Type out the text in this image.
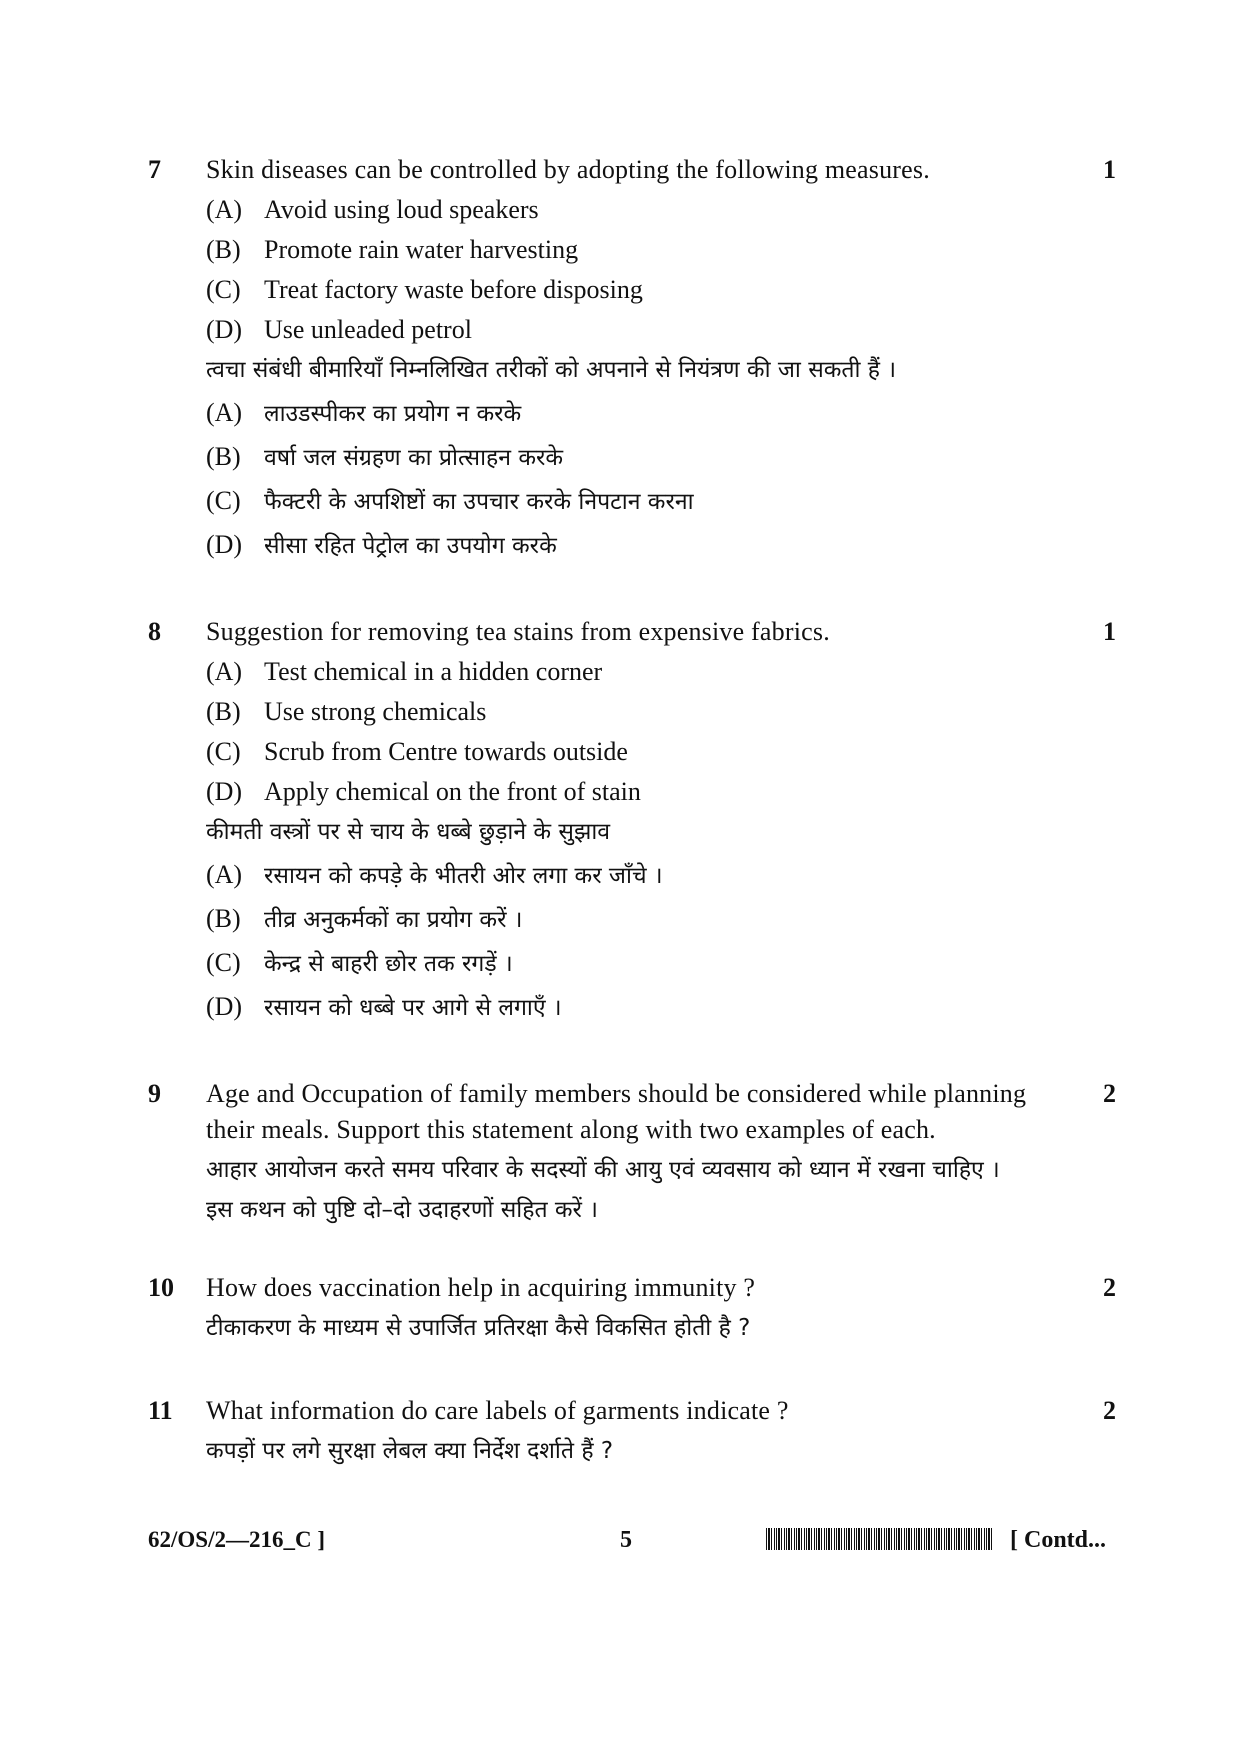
7	1
Skin diseases can be controlled by adopting the following measures.
(A) Avoid using loud speakers
(B) Promote rain water harvesting
(C) Treat factory waste before disposing
(D) Use unleaded petrol
त्वचा संबंधी बीमारियाँ निम्नलिखित तरीकों को अपनाने से नियंत्रण की जा सकती हैं ।
(A) लाउडस्पीकर का प्रयोग न करके
(B) वर्षा जल संग्रहण का प्रोत्साहन करके
(C) फैक्टरी के अपशिष्टों का उपचार करके निपटान करना
(D) सीसा रहित पेट्रोल का उपयोग करके
8	1
Suggestion for removing tea stains from expensive fabrics.
(A) Test chemical in a hidden corner
(B) Use strong chemicals
(C) Scrub from Centre towards outside
(D) Apply chemical on the front of stain
कीमती वस्त्रों पर से चाय के धब्बे छुड़ाने के सुझाव
(A) रसायन को कपड़े के भीतरी ओर लगा कर जाँचे ।
(B) तीव्र अनुकर्मकों का प्रयोग करें ।
(C) केन्द्र से बाहरी छोर तक रगड़ें ।
(D) रसायन को धब्बे पर आगे से लगाएँ ।
9	2
Age and Occupation of family members should be considered while planning
their meals. Support this statement along with two examples of each.
आहार आयोजन करते समय परिवार के सदस्यों की आयु एवं व्यवसाय को ध्यान में रखना चाहिए ।
इस कथन को पुष्टि दो–दो उदाहरणों सहित करें ।
10	2
How does vaccination help in acquiring immunity ?
टीकाकरण के माध्यम से उपार्जित प्रतिरक्षा कैसे विकसित होती है ?
11	2
What information do care labels of garments indicate ?
कपड़ों पर लगे सुरक्षा लेबल क्या निर्देश दर्शाते हैं ?
62/OS/2—216_C ]	5	[ Contd...
